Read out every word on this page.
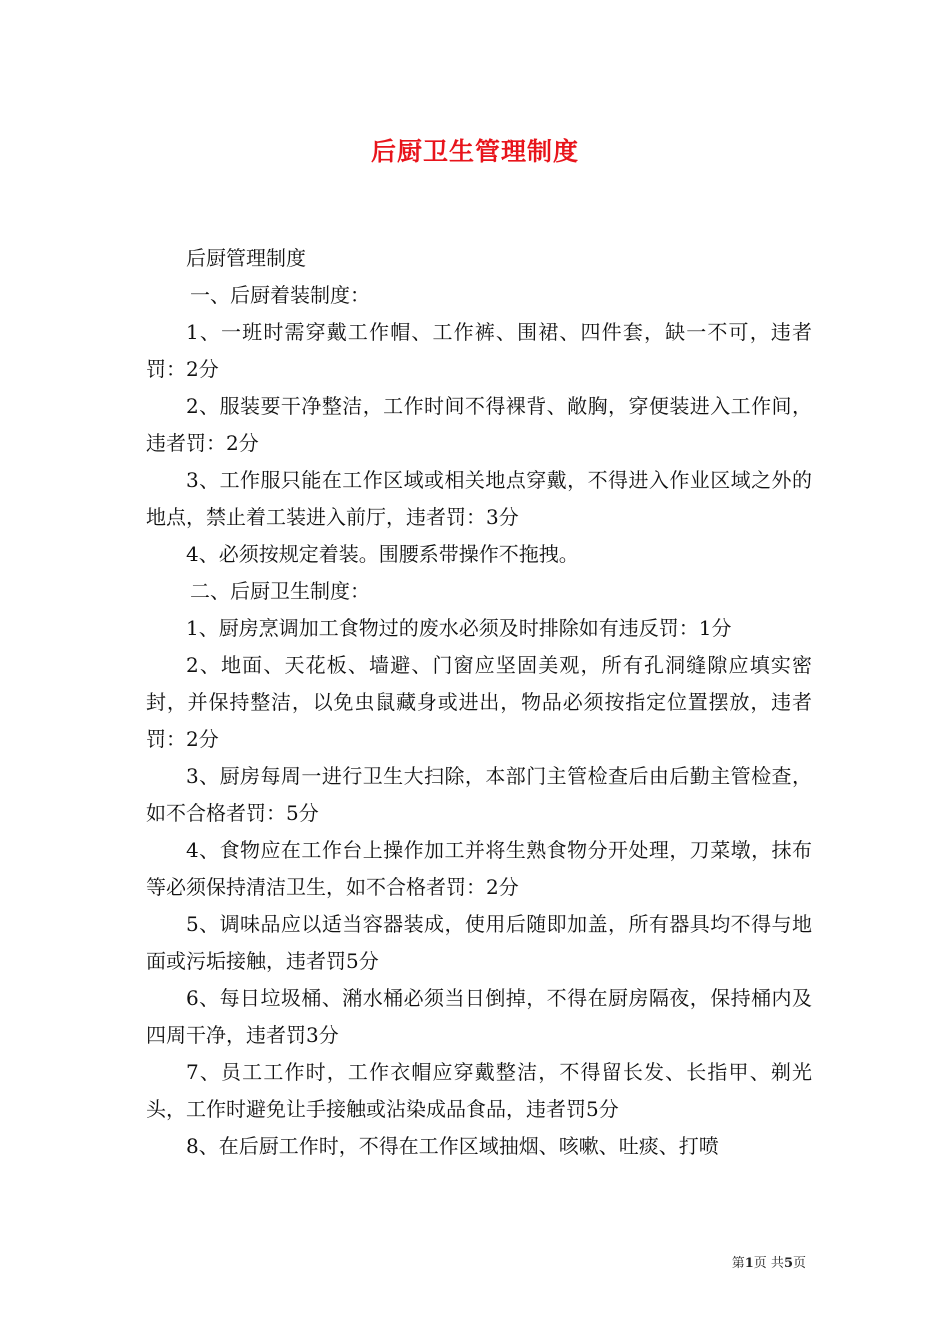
后厨卫生管理制度

后厨管理制度

一、后厨着装制度：

1、一班时需穿戴工作帽、工作裤、围裙、四件套，缺一不可，违者罚：2分

2、服装要干净整洁，工作时间不得裸背、敞胸，穿便装进入工作间，违者罚：2分

3、工作服只能在工作区域或相关地点穿戴，不得进入作业区域之外的地点，禁止着工装进入前厅，违者罚：3分

4、必须按规定着装。围腰系带操作不拖拽。

二、后厨卫生制度：

1、厨房烹调加工食物过的废水必须及时排除如有违反罚：1分

2、地面、天花板、墙避、门窗应坚固美观，所有孔洞缝隙应填实密封，并保持整洁，以免虫鼠藏身或进出，物品必须按指定位置摆放，违者罚：2分

3、厨房每周一进行卫生大扫除，本部门主管检查后由后勤主管检查，如不合格者罚：5分

4、食物应在工作台上操作加工并将生熟食物分开处理，刀菜墩，抹布等必须保持清洁卫生，如不合格者罚：2分

5、调味品应以适当容器装成，使用后随即加盖，所有器具均不得与地面或污垢接触，违者罚5分

6、每日垃圾桶、潲水桶必须当日倒掉，不得在厨房隔夜，保持桶内及四周干净，违者罚3分

7、员工工作时，工作衣帽应穿戴整洁，不得留长发、长指甲、剃光头，工作时避免让手接触或沾染成品食品，违者罚5分

8、在后厨工作时，不得在工作区域抽烟、咳嗽、吐痰、打喷

第1页 共5页
